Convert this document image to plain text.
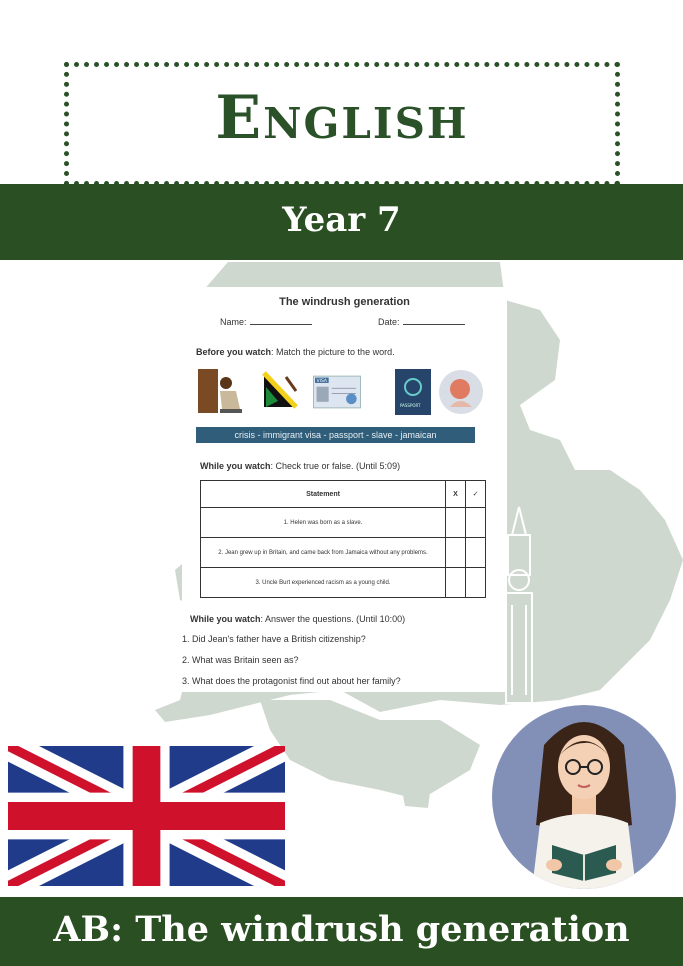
English
Year 7
The windrush generation
Name:	Date:
Before you watch: Match the picture to the word.
VISA
PASSPORT
crisis - immigrant visa - passport - slave - jamaican
While you watch: Check true or false. (Until 5:09)
Statement	X	✓
1. Helen was born as a slave.		
2. Jean grew up in Britain, and came back from Jamaica without any problems.		
3. Uncle Burt experienced racism as a young child.		
While you watch: Answer the questions. (Until 10:00)
1. Did Jean's father have a British citizenship?
2. What was Britain seen as?
3. What does the protagonist find out about her family?
AB: The windrush generation
